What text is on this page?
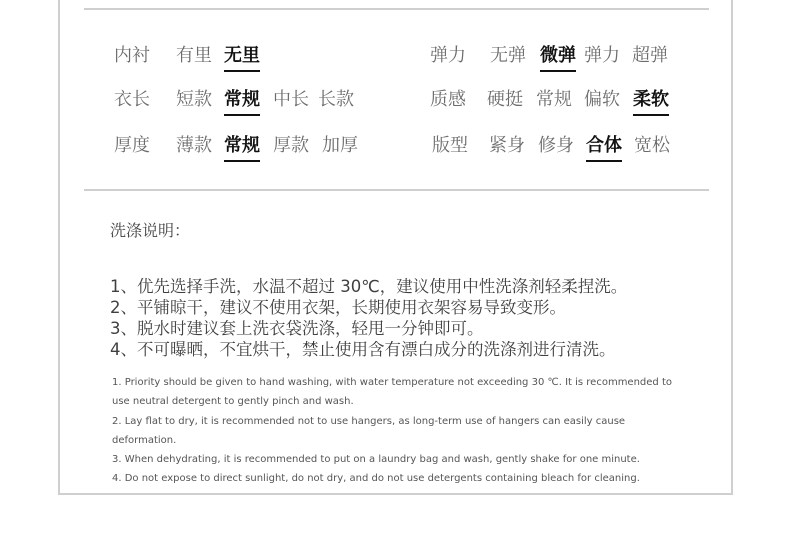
内衬 有里 无里
衣长 短款 常规 中长 长款
厚度 薄款 常规 厚款 加厚
弹力 无弹 微弹 弹力 超弹
质感 硬挺 常规 偏软 柔软
版型 紧身 修身 合体 宽松
洗涤说明：
1、优先选择手洗，水温不超过 30℃，建议使用中性洗涤剂轻柔捏洗。
2、平铺晾干，建议不使用衣架，长期使用衣架容易导致变形。
3、脱水时建议套上洗衣袋洗涤，轻甩一分钟即可。
4、不可曝晒，不宜烘干，禁止使用含有漂白成分的洗涤剂进行清洗。
1. Priority should be given to hand washing, with water temperature not exceeding 30 ℃. It is recommended to use neutral detergent to gently pinch and wash.
2. Lay flat to dry, it is recommended not to use hangers, as long-term use of hangers can easily cause deformation.
3. When dehydrating, it is recommended to put on a laundry bag and wash, gently shake for one minute.
4. Do not expose to direct sunlight, do not dry, and do not use detergents containing bleach for cleaning.
